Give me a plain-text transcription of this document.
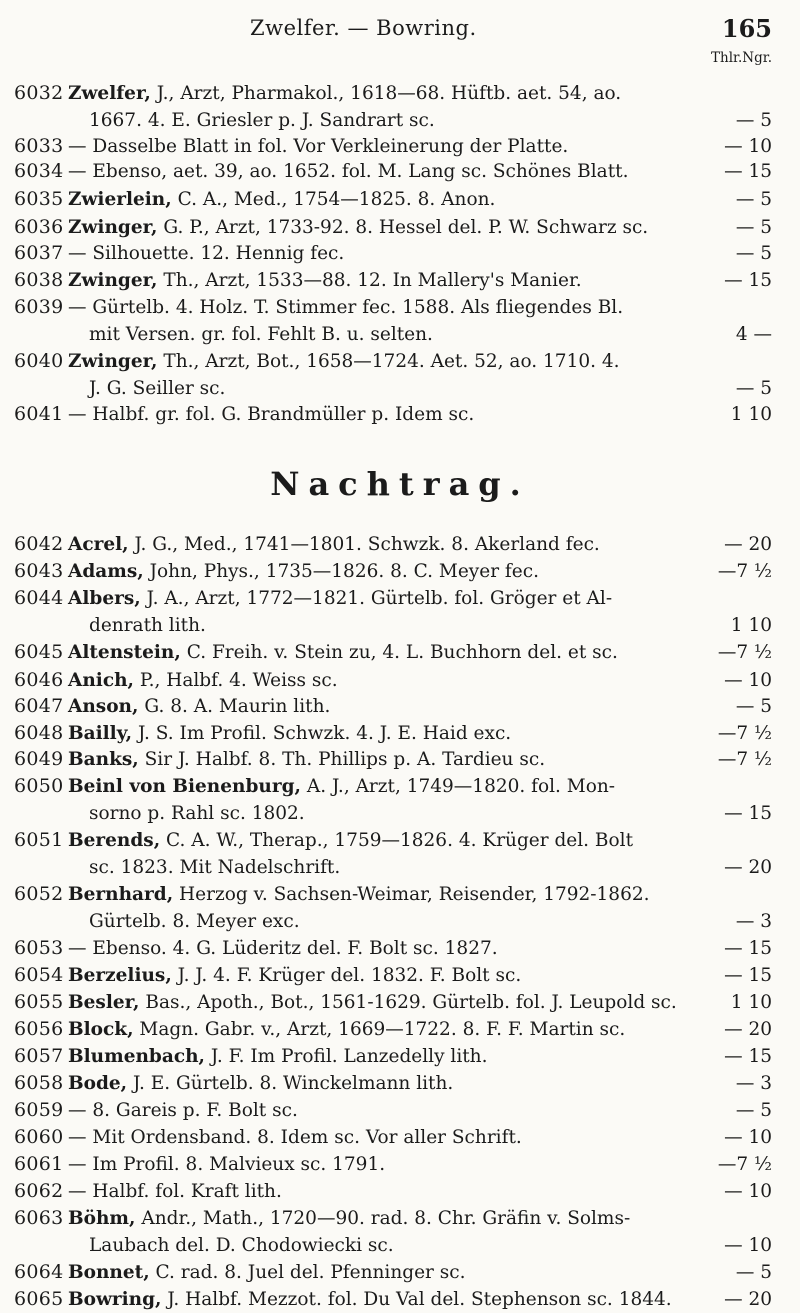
Zwelfer. — Bowring.	165
Thlr.Ngr.
Nachtrag.
6032 Zwelfer, J., Arzt, Pharmakol., 1618—68. Hüftb. aet. 54, ao.
1667. 4. E. Griesler p. J. Sandrart sc.	— 5
6033 — Dasselbe Blatt in fol. Vor Verkleinerung der Platte.	— 10
6034 — Ebenso, aet. 39, ao. 1652. fol. M. Lang sc. Schönes Blatt.	— 15
6035 Zwierlein, C. A., Med., 1754—1825. 8. Anon.	— 5
6036 Zwinger, G. P., Arzt, 1733-92. 8. Hessel del. P. W. Schwarz sc.	— 5
6037 — Silhouette. 12. Hennig fec.	— 5
6038 Zwinger, Th., Arzt, 1533—88. 12. In Mallery's Manier.	— 15
6039 — Gürtelb. 4. Holz. T. Stimmer fec. 1588. Als fliegendes Bl.
mit Versen. gr. fol. Fehlt B. u. selten.	4 —
6040 Zwinger, Th., Arzt, Bot., 1658—1724. Aet. 52, ao. 1710. 4.
J. G. Seiller sc.	— 5
6041 — Halbf. gr. fol. G. Brandmüller p. Idem sc.	1 10
6042 Acrel, J. G., Med., 1741—1801. Schwzk. 8. Akerland fec.	— 20
6043 Adams, John, Phys., 1735—1826. 8. C. Meyer fec.	—7 ½
6044 Albers, J. A., Arzt, 1772—1821. Gürtelb. fol. Gröger et Al-
denrath lith.	1 10
6045 Altenstein, C. Freih. v. Stein zu, 4. L. Buchhorn del. et sc.	—7 ½
6046 Anich, P., Halbf. 4. Weiss sc.	— 10
6047 Anson, G. 8. A. Maurin lith.	— 5
6048 Bailly, J. S. Im Profil. Schwzk. 4. J. E. Haid exc.	—7 ½
6049 Banks, Sir J. Halbf. 8. Th. Phillips p. A. Tardieu sc.	—7 ½
6050 Beinl von Bienenburg, A. J., Arzt, 1749—1820. fol. Mon-
sorno p. Rahl sc. 1802.	— 15
6051 Berends, C. A. W., Therap., 1759—1826. 4. Krüger del. Bolt
sc. 1823. Mit Nadelschrift.	— 20
6052 Bernhard, Herzog v. Sachsen-Weimar, Reisender, 1792-1862.
Gürtelb. 8. Meyer exc.	— 3
6053 — Ebenso. 4. G. Lüderitz del. F. Bolt sc. 1827.	— 15
6054 Berzelius, J. J. 4. F. Krüger del. 1832. F. Bolt sc.	— 15
6055 Besler, Bas., Apoth., Bot., 1561-1629. Gürtelb. fol. J. Leupold sc.	1 10
6056 Block, Magn. Gabr. v., Arzt, 1669—1722. 8. F. F. Martin sc.	— 20
6057 Blumenbach, J. F. Im Profil. Lanzedelly lith.	— 15
6058 Bode, J. E. Gürtelb. 8. Winckelmann lith.	— 3
6059 — 8. Gareis p. F. Bolt sc.	— 5
6060 — Mit Ordensband. 8. Idem sc. Vor aller Schrift.	— 10
6061 — Im Profil. 8. Malvieux sc. 1791.	—7 ½
6062 — Halbf. fol. Kraft lith.	— 10
6063 Böhm, Andr., Math., 1720—90. rad. 8. Chr. Gräfin v. Solms-
Laubach del. D. Chodowiecki sc.	— 10
6064 Bonnet, C. rad. 8. Juel del. Pfenninger sc.	— 5
6065 Bowring, J. Halbf. Mezzot. fol. Du Val del. Stephenson sc. 1844.	— 20
